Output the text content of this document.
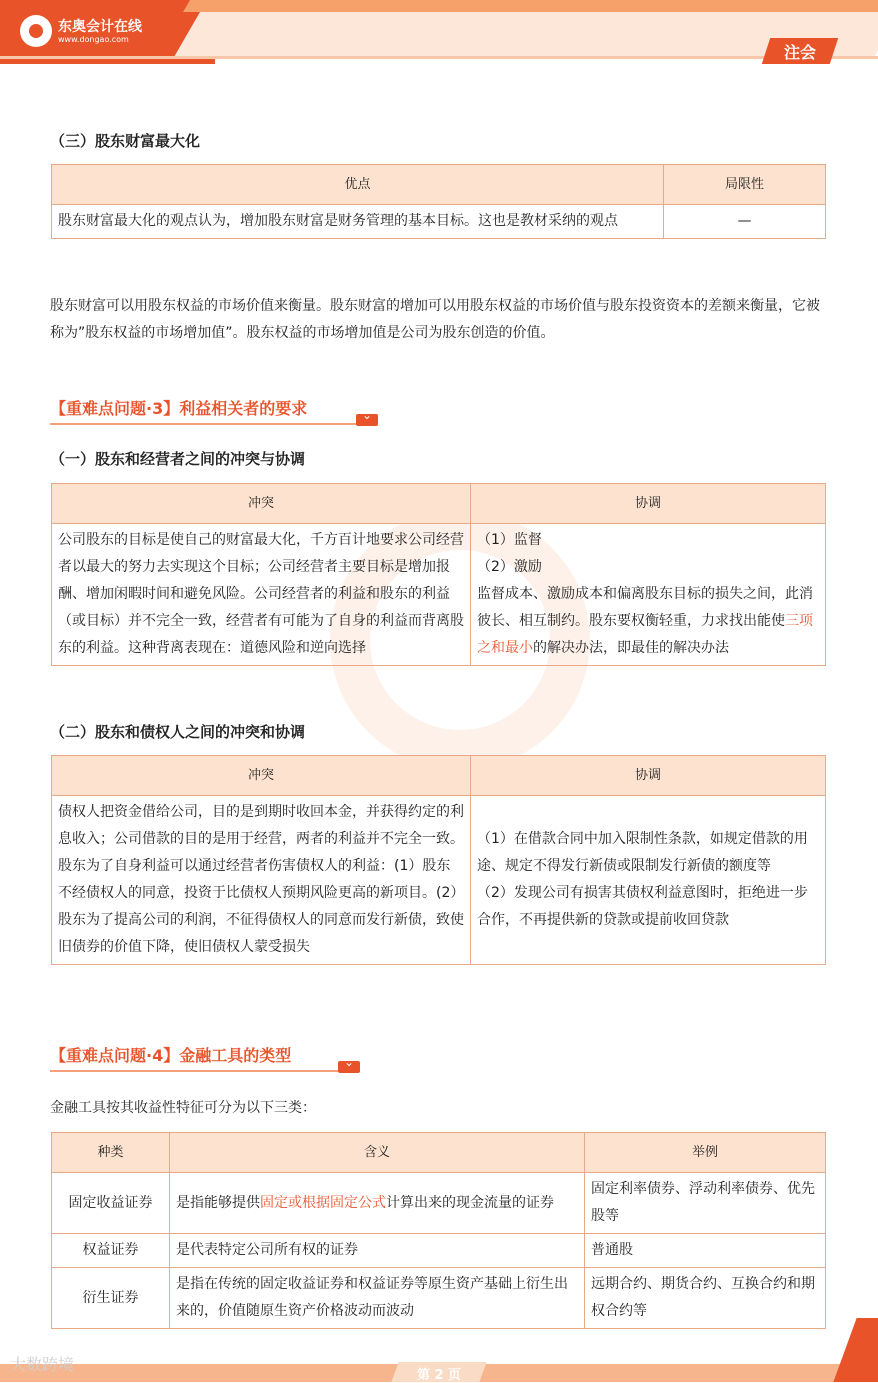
东奥会计在线
www.dongao.com
注会
（三）股东财富最大化
优点	局限性
股东财富最大化的观点认为，增加股东财富是财务管理的基本目标。这也是教材采纳的观点	—
股东财富可以用股东权益的市场价值来衡量。股东财富的增加可以用股东权益的市场价值与股东投资资本的差额来衡量，它被称为”股东权益的市场增加值”。股东权益的市场增加值是公司为股东创造的价值。
【重难点问题·3】利益相关者的要求
⌄
（一）股东和经营者之间的冲突与协调
冲突	协调
公司股东的目标是使自己的财富最大化，千方百计地要求公司经营者以最大的努力去实现这个目标；公司经营者主要目标是增加报酬、增加闲暇时间和避免风险。公司经营者的利益和股东的利益（或目标）并不完全一致，经营者有可能为了自身的利益而背离股东的利益。这种背离表现在：道德风险和逆向选择	（1）监督
（2）激励
监督成本、激励成本和偏离股东目标的损失之间，此消彼长、相互制约。股东要权衡轻重，力求找出能使三项之和最小的解决办法，即最佳的解决办法
（二）股东和债权人之间的冲突和协调
冲突	协调
债权人把资金借给公司，目的是到期时收回本金，并获得约定的利息收入；公司借款的目的是用于经营，两者的利益并不完全一致。股东为了自身利益可以通过经营者伤害债权人的利益：(1）股东不经债权人的同意，投资于比债权人预期风险更高的新项目。(2）股东为了提高公司的利润，不征得债权人的同意而发行新债，致使旧债券的价值下降，使旧债权人蒙受损失	（1）在借款合同中加入限制性条款，如规定借款的用途、规定不得发行新债或限制发行新债的额度等
（2）发现公司有损害其债权利益意图时，拒绝进一步合作，不再提供新的贷款或提前收回贷款
【重难点问题·4】金融工具的类型
⌄
金融工具按其收益性特征可分为以下三类：
种类	含义	举例
固定收益证券	是指能够提供固定或根据固定公式计算出来的现金流量的证券	固定利率债券、浮动利率债券、优先股等
权益证券	是代表特定公司所有权的证券	普通股
衍生证券	是指在传统的固定收益证券和权益证券等原生资产基础上衍生出来的，价值随原生资产价格波动而波动	远期合约、期货合约、互换合约和期权合约等
第 2 页
大数跨境
